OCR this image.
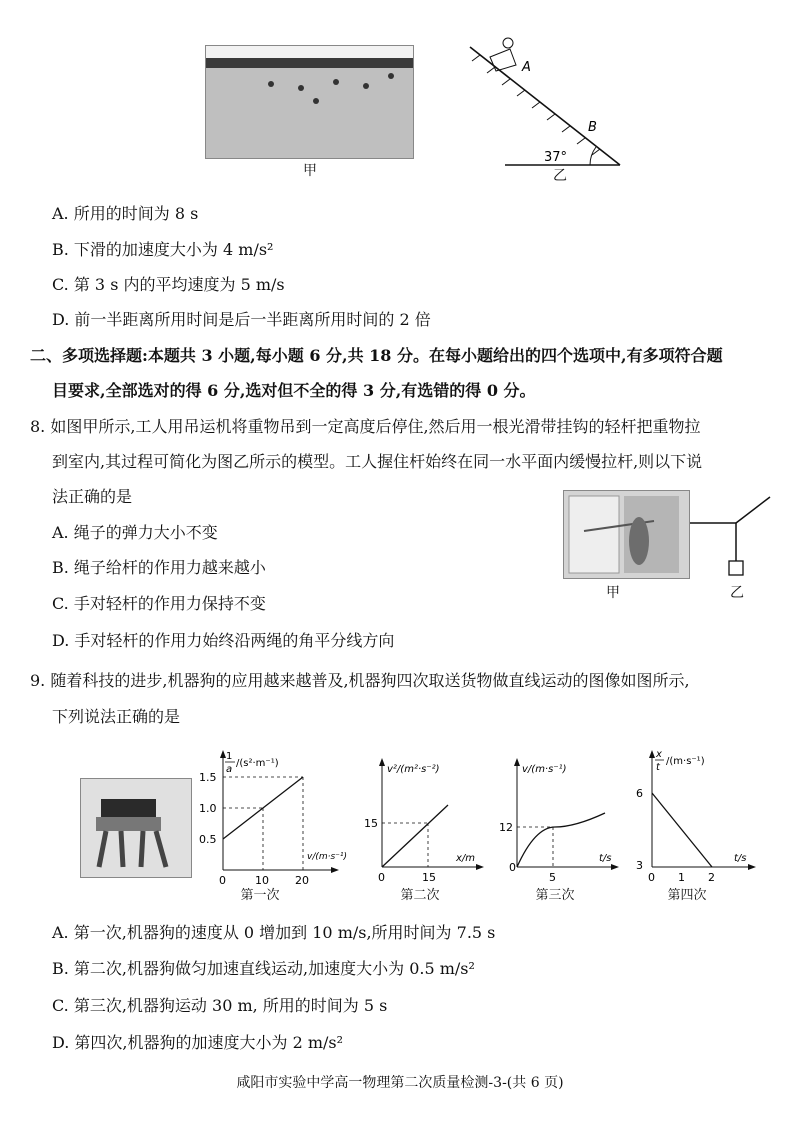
甲
A
B
37°
乙
A. 所用的时间为 8 s
B. 下滑的加速度大小为 4 m/s²
C. 第 3 s 内的平均速度为 5 m/s
D. 前一半距离所用时间是后一半距离所用时间的 2 倍
二、多项选择题:本题共 3 小题,每小题 6 分,共 18 分。在每小题给出的四个选项中,有多项符合题
目要求,全部选对的得 6 分,选对但不全的得 3 分,有选错的得 0 分。
8. 如图甲所示,工人用吊运机将重物吊到一定高度后停住,然后用一根光滑带挂钩的轻杆把重物拉
到室内,其过程可简化为图乙所示的模型。工人握住杆始终在同一水平面内缓慢拉杆,则以下说
法正确的是
A. 绳子的弹力大小不变
B. 绳子给杆的作用力越来越小
C. 手对轻杆的作用力保持不变
D. 手对轻杆的作用力始终沿两绳的角平分线方向
甲	乙
9. 随着科技的进步,机器狗的应用越来越普及,机器狗四次取送货物做直线运动的图像如图所示,
下列说法正确的是
1
a
/(s²·m⁻¹)
1.5
1.0
0.5
0	10 20
v/(m·s⁻¹)
第一次
v²/(m²·s⁻²)
15
0	15
x/m
第二次
v/(m·s⁻¹)
12
0
5
t/s
第三次
x
t
/(m·s⁻¹)
6
3
0 1 2
t/s
第四次
A. 第一次,机器狗的速度从 0 增加到 10 m/s,所用时间为 7.5 s
B. 第二次,机器狗做匀加速直线运动,加速度大小为 0.5 m/s²
C. 第三次,机器狗运动 30 m, 所用的时间为 5 s
D. 第四次,机器狗的加速度大小为 2 m/s²
咸阳市实验中学高一物理第二次质量检测-3-(共 6 页)
